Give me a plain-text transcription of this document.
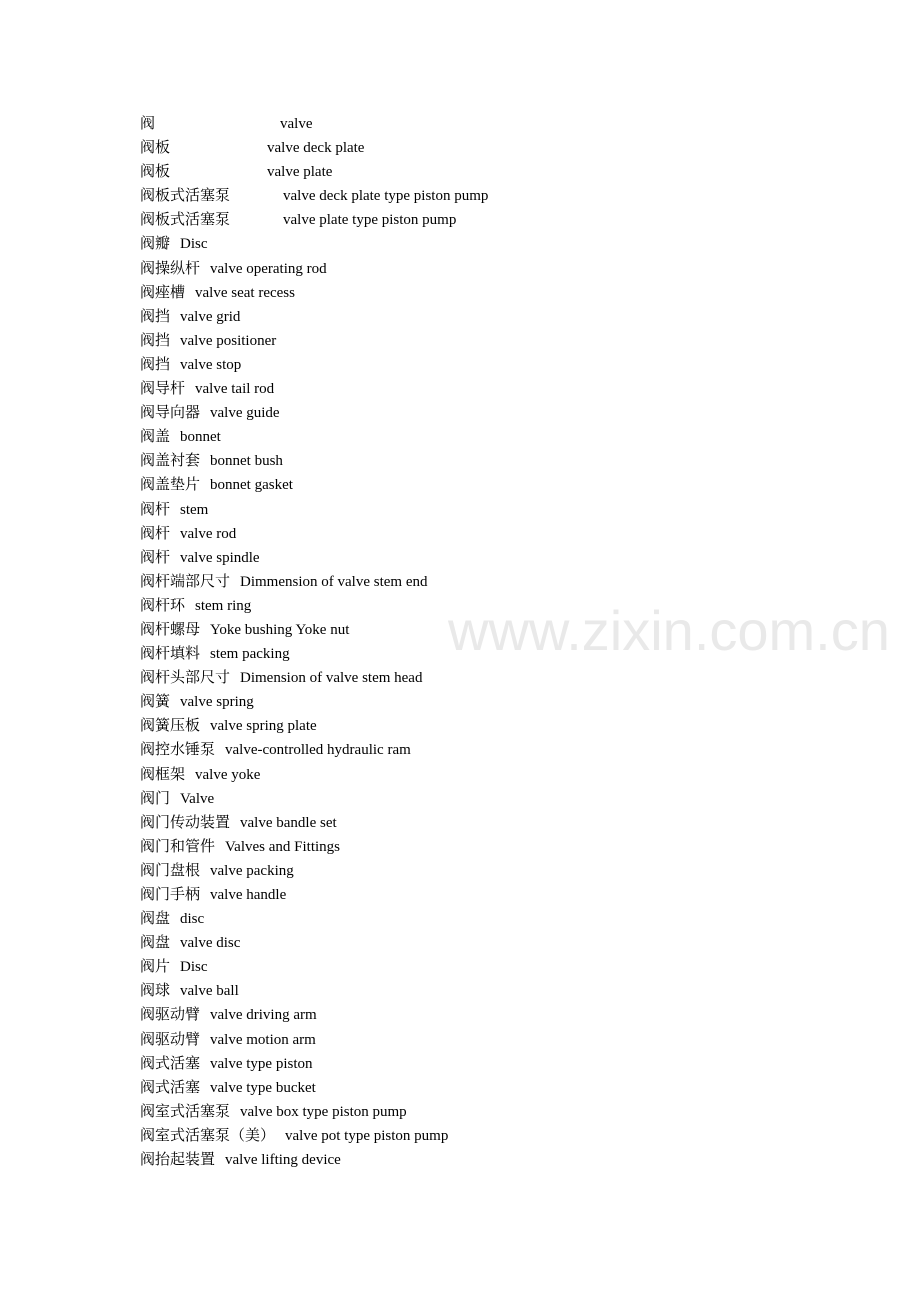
阀	valve
阀板	valve deck plate
阀板	valve plate
阀板式活塞泵	valve deck plate type piston pump
阀板式活塞泵	valve plate type piston pump
阀瓣 Disc
阀操纵杆 valve operating rod
阀痤槽 valve seat recess
阀挡 valve grid
阀挡 valve positioner
阀挡 valve stop
阀导杆 valve tail rod
阀导向器 valve guide
阀盖 bonnet
阀盖衬套 bonnet bush
阀盖垫片 bonnet gasket
阀杆 stem
阀杆 valve rod
阀杆 valve spindle
阀杆端部尺寸 Dimmension of valve stem end
阀杆环 stem ring
阀杆螺母 Yoke bushing Yoke nut
阀杆填料 stem packing
阀杆头部尺寸 Dimension of valve stem head
阀簧 valve spring
阀簧压板 valve spring plate
阀控水锤泵 valve-controlled hydraulic ram
阀框架 valve yoke
阀门 Valve
阀门传动装置 valve bandle set
阀门和管件 Valves and Fittings
阀门盘根 valve packing
阀门手柄 valve handle
阀盘 disc
阀盘 valve disc
阀片 Disc
阀球 valve ball
阀驱动臂 valve driving arm
阀驱动臂 valve motion arm
阀式活塞 valve type piston
阀式活塞 valve type bucket
阀室式活塞泵 valve box type piston pump
阀室式活塞泵（美） valve pot type piston pump
阀抬起装置 valve lifting device
www.zixin.com.cn
